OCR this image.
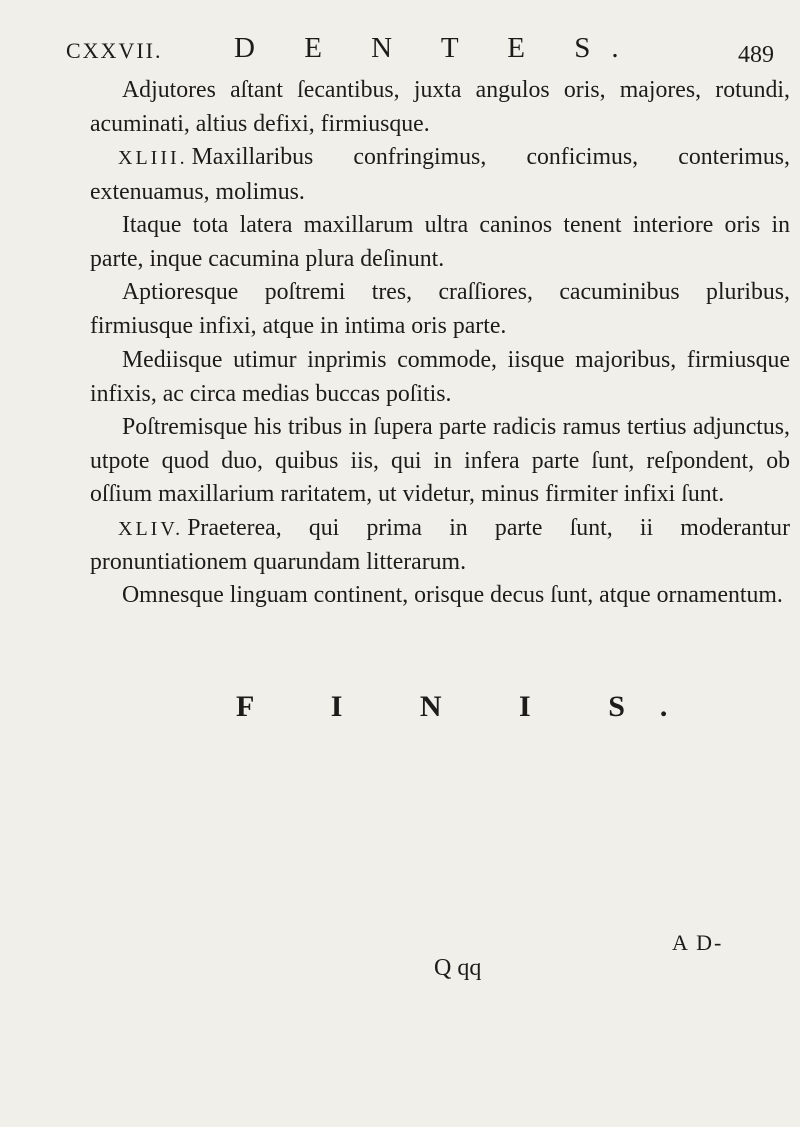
CXXVII. D E N T E S.	489

Adjutores aſtant ſecantibus, juxta angulos oris, majores, rotundi, acuminati, altius defixi, firmiusque.

XLIII. Maxillaribus confringimus, conficimus, conterimus, extenuamus, molimus.

Itaque tota latera maxillarum ultra caninos tenent interiore oris in parte, inque cacumina plura deſinunt.

Aptioresque poſtremi tres, craſſiores, cacuminibus pluribus, firmiusque infixi, atque in intima oris parte.

Mediisque utimur inprimis commode, iisque majoribus, firmiusque infixis, ac circa medias buccas poſitis.

Poſtremisque his tribus in ſupera parte radicis ramus tertius adjunctus, utpote quod duo, quibus iis, qui in infera parte ſunt, reſpondent, ob oſſium maxillarium raritatem, ut videtur, minus firmiter infixi ſunt.

XLIV. Praeterea, qui prima in parte ſunt, ii moderantur pronuntiationem quarundam litterarum.

Omnesque linguam continent, orisque decus ſunt, atque ornamentum.

F I N I S.
A D-
Q qq
